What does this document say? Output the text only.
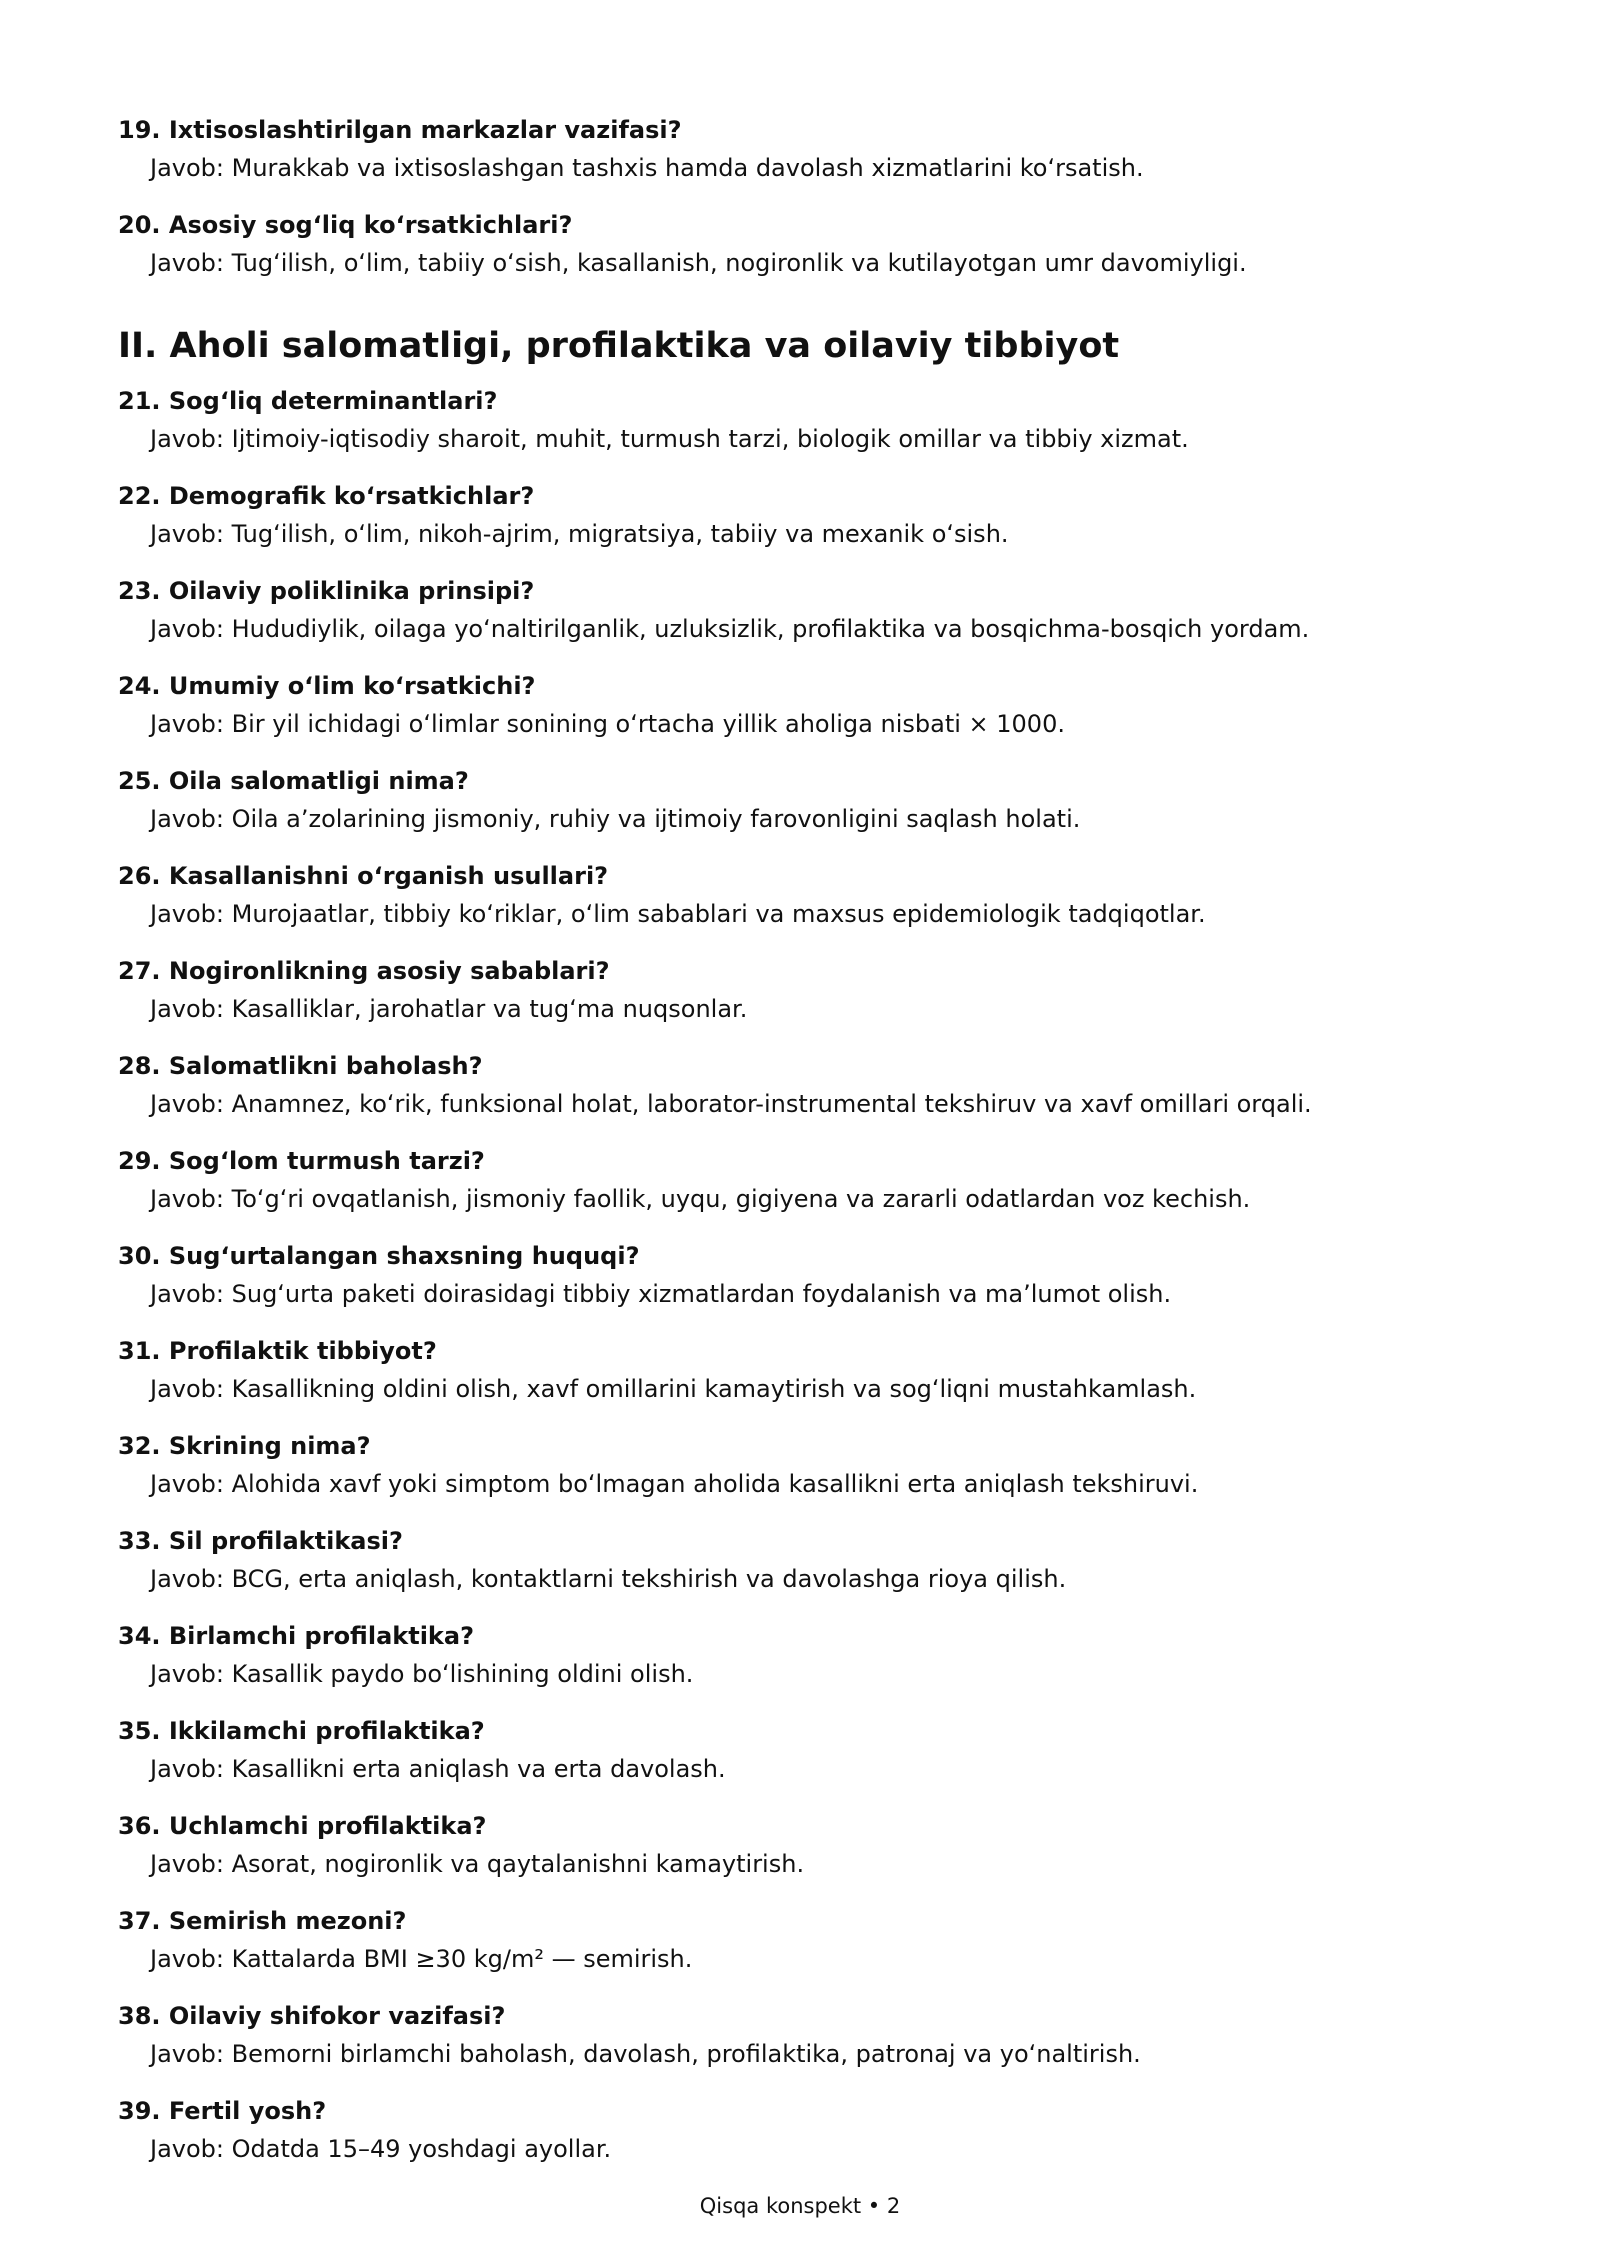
19. Ixtisoslashtirilgan markazlar vazifasi?
Javob: Murakkab va ixtisoslashgan tashxis hamda davolash xizmatlarini koʻrsatish.
20. Asosiy sogʻliq koʻrsatkichlari?
Javob: Tugʻilish, oʻlim, tabiiy oʻsish, kasallanish, nogironlik va kutilayotgan umr davomiyligi.
II. Aholi salomatligi, profilaktika va oilaviy tibbiyot
21. Sogʻliq determinantlari?
Javob: Ijtimoiy-iqtisodiy sharoit, muhit, turmush tarzi, biologik omillar va tibbiy xizmat.
22. Demografik koʻrsatkichlar?
Javob: Tugʻilish, oʻlim, nikoh-ajrim, migratsiya, tabiiy va mexanik oʻsish.
23. Oilaviy poliklinika prinsipi?
Javob: Hududiylik, oilaga yoʻnaltirilganlik, uzluksizlik, profilaktika va bosqichma-bosqich yordam.
24. Umumiy oʻlim koʻrsatkichi?
Javob: Bir yil ichidagi oʻlimlar sonining oʻrtacha yillik aholiga nisbati × 1000.
25. Oila salomatligi nima?
Javob: Oila aʼzolarining jismoniy, ruhiy va ijtimoiy farovonligini saqlash holati.
26. Kasallanishni oʻrganish usullari?
Javob: Murojaatlar, tibbiy koʻriklar, oʻlim sabablari va maxsus epidemiologik tadqiqotlar.
27. Nogironlikning asosiy sabablari?
Javob: Kasalliklar, jarohatlar va tugʻma nuqsonlar.
28. Salomatlikni baholash?
Javob: Anamnez, koʻrik, funksional holat, laborator-instrumental tekshiruv va xavf omillari orqali.
29. Sogʻlom turmush tarzi?
Javob: Toʻgʻri ovqatlanish, jismoniy faollik, uyqu, gigiyena va zararli odatlardan voz kechish.
30. Sugʻurtalangan shaxsning huquqi?
Javob: Sugʻurta paketi doirasidagi tibbiy xizmatlardan foydalanish va maʼlumot olish.
31. Profilaktik tibbiyot?
Javob: Kasallikning oldini olish, xavf omillarini kamaytirish va sogʻliqni mustahkamlash.
32. Skrining nima?
Javob: Alohida xavf yoki simptom boʻlmagan aholida kasallikni erta aniqlash tekshiruvi.
33. Sil profilaktikasi?
Javob: BCG, erta aniqlash, kontaktlarni tekshirish va davolashga rioya qilish.
34. Birlamchi profilaktika?
Javob: Kasallik paydo boʻlishining oldini olish.
35. Ikkilamchi profilaktika?
Javob: Kasallikni erta aniqlash va erta davolash.
36. Uchlamchi profilaktika?
Javob: Asorat, nogironlik va qaytalanishni kamaytirish.
37. Semirish mezoni?
Javob: Kattalarda BMI ≥30 kg/m² — semirish.
38. Oilaviy shifokor vazifasi?
Javob: Bemorni birlamchi baholash, davolash, profilaktika, patronaj va yoʻnaltirish.
39. Fertil yosh?
Javob: Odatda 15–49 yoshdagi ayollar.
Qisqa konspekt • 2
